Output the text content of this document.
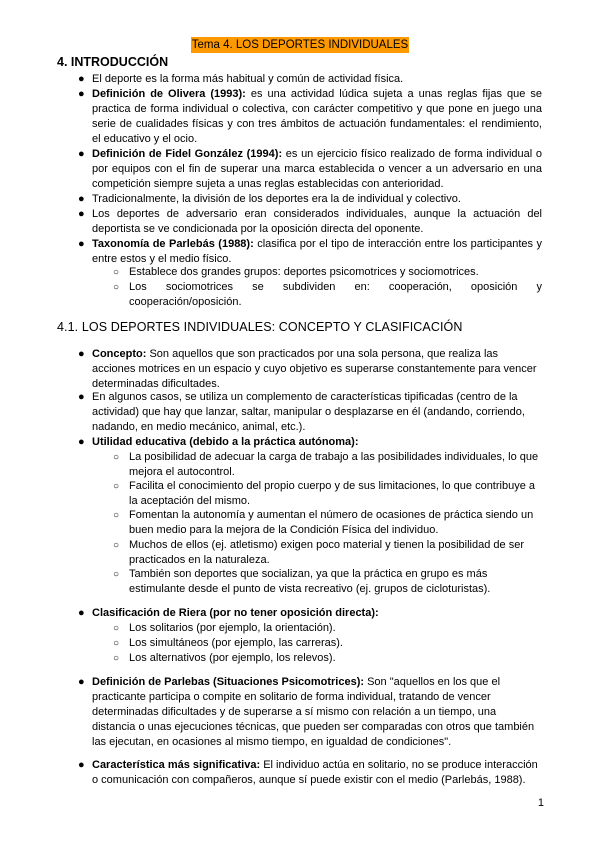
Tema 4. LOS DEPORTES INDIVIDUALES
4. INTRODUCCIÓN
● El deporte es la forma más habitual y común de actividad física.
● Definición de Olivera (1993): es una actividad lúdica sujeta a unas reglas fijas que se practica de forma individual o colectiva, con carácter competitivo y que pone en juego una serie de cualidades físicas y con tres ámbitos de actuación fundamentales: el rendimiento, el educativo y el ocio.
● Definición de Fidel González (1994): es un ejercicio físico realizado de forma individual o por equipos con el fin de superar una marca establecida o vencer a un adversario en una competición siempre sujeta a unas reglas establecidas con anterioridad.
● Tradicionalmente, la división de los deportes era la de individual y colectivo.
● Los deportes de adversario eran considerados individuales, aunque la actuación del deportista se ve condicionada por la oposición directa del oponente.
● Taxonomía de Parlebás (1988): clasifica por el tipo de interacción entre los participantes y entre estos y el medio físico.
○ Establece dos grandes grupos: deportes psicomotrices y sociomotrices.
○ Los sociomotrices se subdividen en: cooperación, oposición y cooperación/oposición.
4.1. LOS DEPORTES INDIVIDUALES: CONCEPTO Y CLASIFICACIÓN
● Concepto: Son aquellos que son practicados por una sola persona, que realiza las acciones motrices en un espacio y cuyo objetivo es superarse constantemente para vencer determinadas dificultades.
● En algunos casos, se utiliza un complemento de características tipificadas (centro de la actividad) que hay que lanzar, saltar, manipular o desplazarse en él (andando, corriendo, nadando, en medio mecánico, animal, etc.).
● Utilidad educativa (debido a la práctica autónoma):
○ La posibilidad de adecuar la carga de trabajo a las posibilidades individuales, lo que mejora el autocontrol.
○ Facilita el conocimiento del propio cuerpo y de sus limitaciones, lo que contribuye a la aceptación del mismo.
○ Fomentan la autonomía y aumentan el número de ocasiones de práctica siendo un buen medio para la mejora de la Condición Física del individuo.
○ Muchos de ellos (ej. atletismo) exigen poco material y tienen la posibilidad de ser practicados en la naturaleza.
○ También son deportes que socializan, ya que la práctica en grupo es más estimulante desde el punto de vista recreativo (ej. grupos de cicloturistas).
● Clasificación de Riera (por no tener oposición directa):
○ Los solitarios (por ejemplo, la orientación).
○ Los simultáneos (por ejemplo, las carreras).
○ Los alternativos (por ejemplo, los relevos).
● Definición de Parlebas (Situaciones Psicomotrices): Son "aquellos en los que el practicante participa o compite en solitario de forma individual, tratando de vencer determinadas dificultades y de superarse a sí mismo con relación a un tiempo, una distancia o unas ejecuciones técnicas, que pueden ser comparadas con otros que también las ejecutan, en ocasiones al mismo tiempo, en igualdad de condiciones".
● Característica más significativa: El individuo actúa en solitario, no se produce interacción o comunicación con compañeros, aunque sí puede existir con el medio (Parlebás, 1988).
1
